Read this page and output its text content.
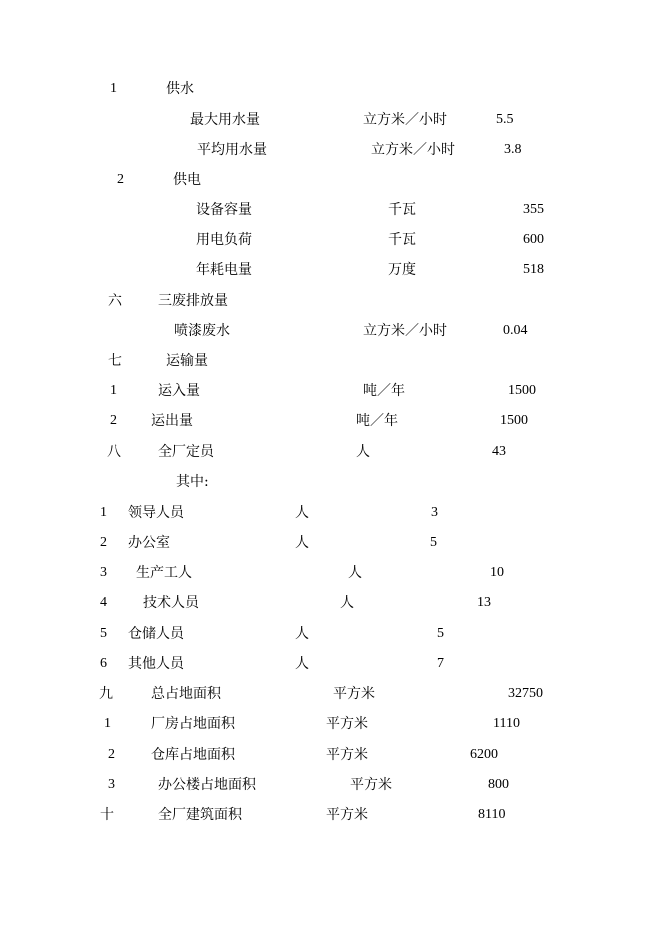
1	供水
最大用水量	立方米／小时	5.5
平均用水量	立方米／小时	3.8
2	供电
设备容量	千瓦	355
用电负荷	千瓦	600
年耗电量	万度	518
六	三废排放量
喷漆废水	立方米／小时	0.04
七	运输量
1	运入量	吨／年	1500
2 运出量	吨／年	1500
八	全厂定员	人	43
其中:
1 领导人员	人	3
2 办公室	人	5
3 生产工人	人	10
4	技术人员	人	13
5 仓储人员	人	5
6 其他人员	人	7
九	总占地面积	平方米	32750
1	厂房占地面积	平方米	1110
2	仓库占地面积	平方米	6200
3	办公楼占地面积	平方米	800
十	全厂建筑面积	平方米	8110
